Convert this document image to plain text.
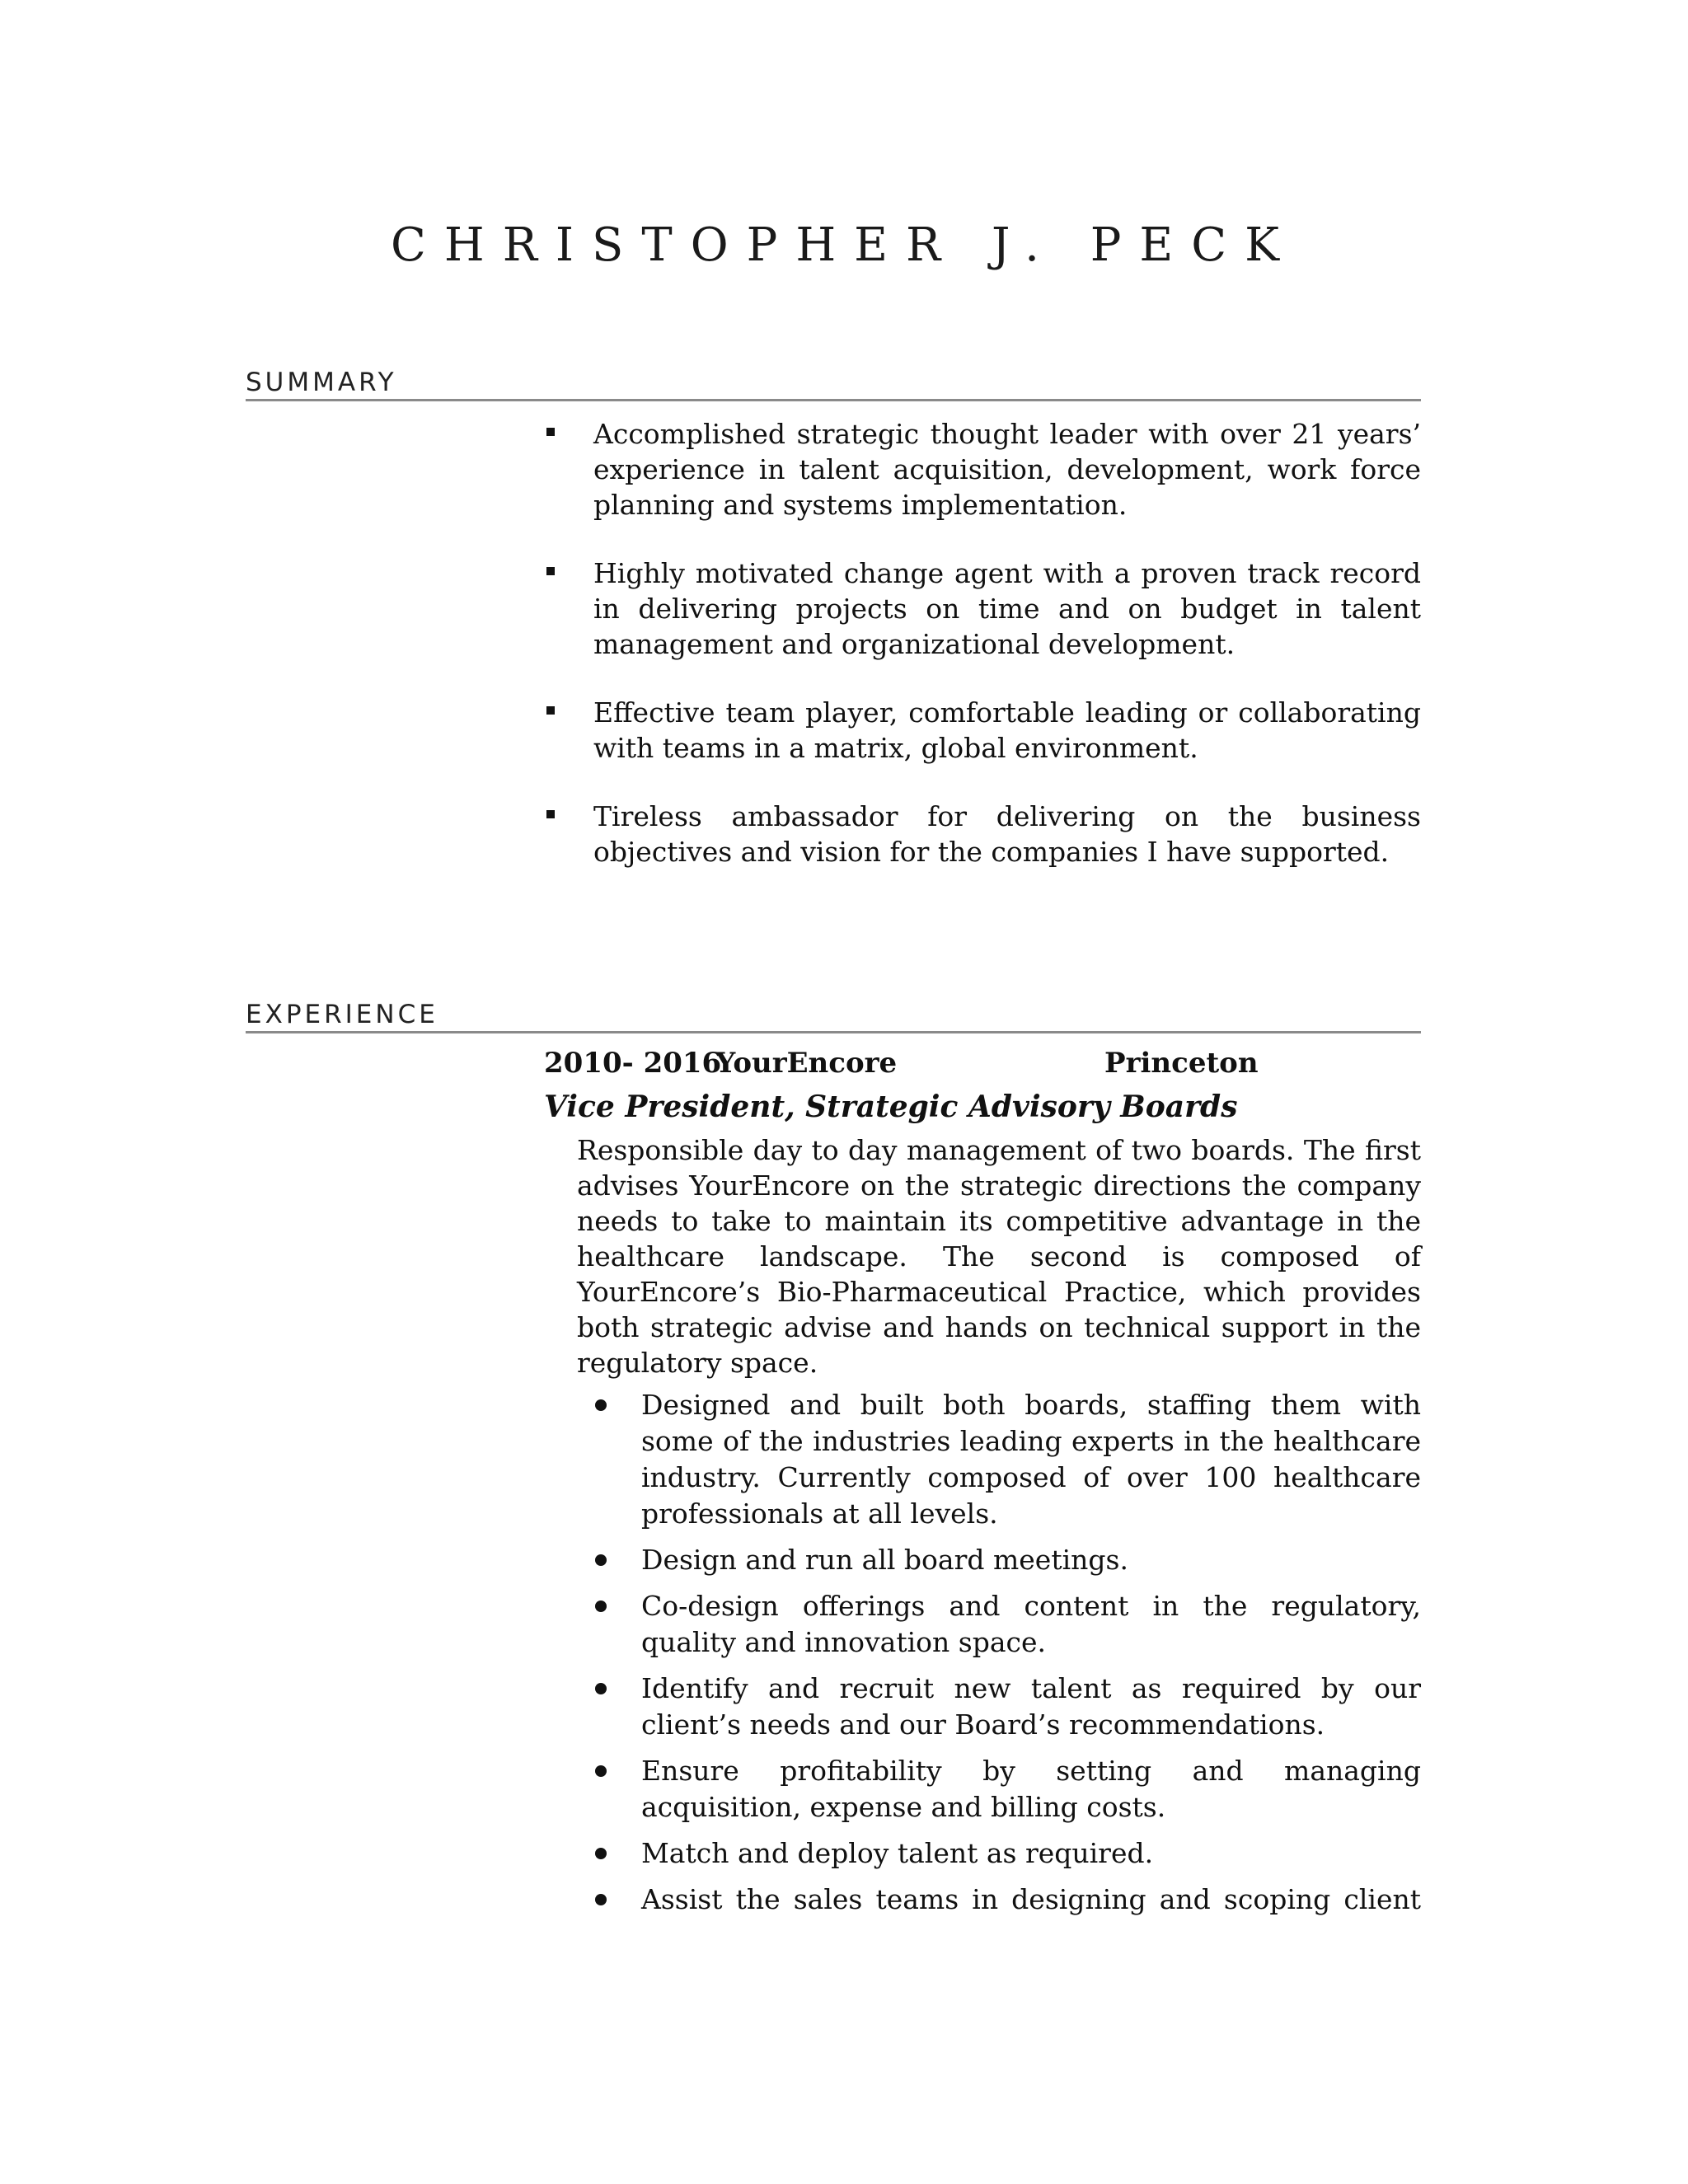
CHRISTOPHER J. PECK
SUMMARY
Accomplished strategic thought leader with over 21 years’ experience in talent acquisition, development, work force planning and systems implementation.
Highly motivated change agent with a proven track record in delivering projects on time and on budget in talent management and organizational development.
Effective team player, comfortable leading or collaborating with teams in a matrix, global environment.
Tireless ambassador for delivering on the business objectives and vision for the companies I have supported.
EXPERIENCE
2010- 2016
YourEncore	Princeton
Vice President, Strategic Advisory Boards

Responsible day to day management of two boards. The first advises YourEncore on the strategic directions the company needs to take to maintain its competitive advantage in the healthcare landscape. The second is composed of YourEncore’s Bio-Pharmaceutical Practice, which provides both strategic advise and hands on technical support in the regulatory space.

Designed and built both boards, staffing them with some of the industries leading experts in the healthcare industry. Currently composed of over 100 healthcare professionals at all levels.
Design and run all board meetings.
Co-design offerings and content in the regulatory, quality and innovation space.
Identify and recruit new talent as required by our client’s needs and our Board’s recommendations.
Ensure profitability by setting and managing acquisition, expense and billing costs.
Match and deploy talent as required.
Assist the sales teams in designing and scoping client
